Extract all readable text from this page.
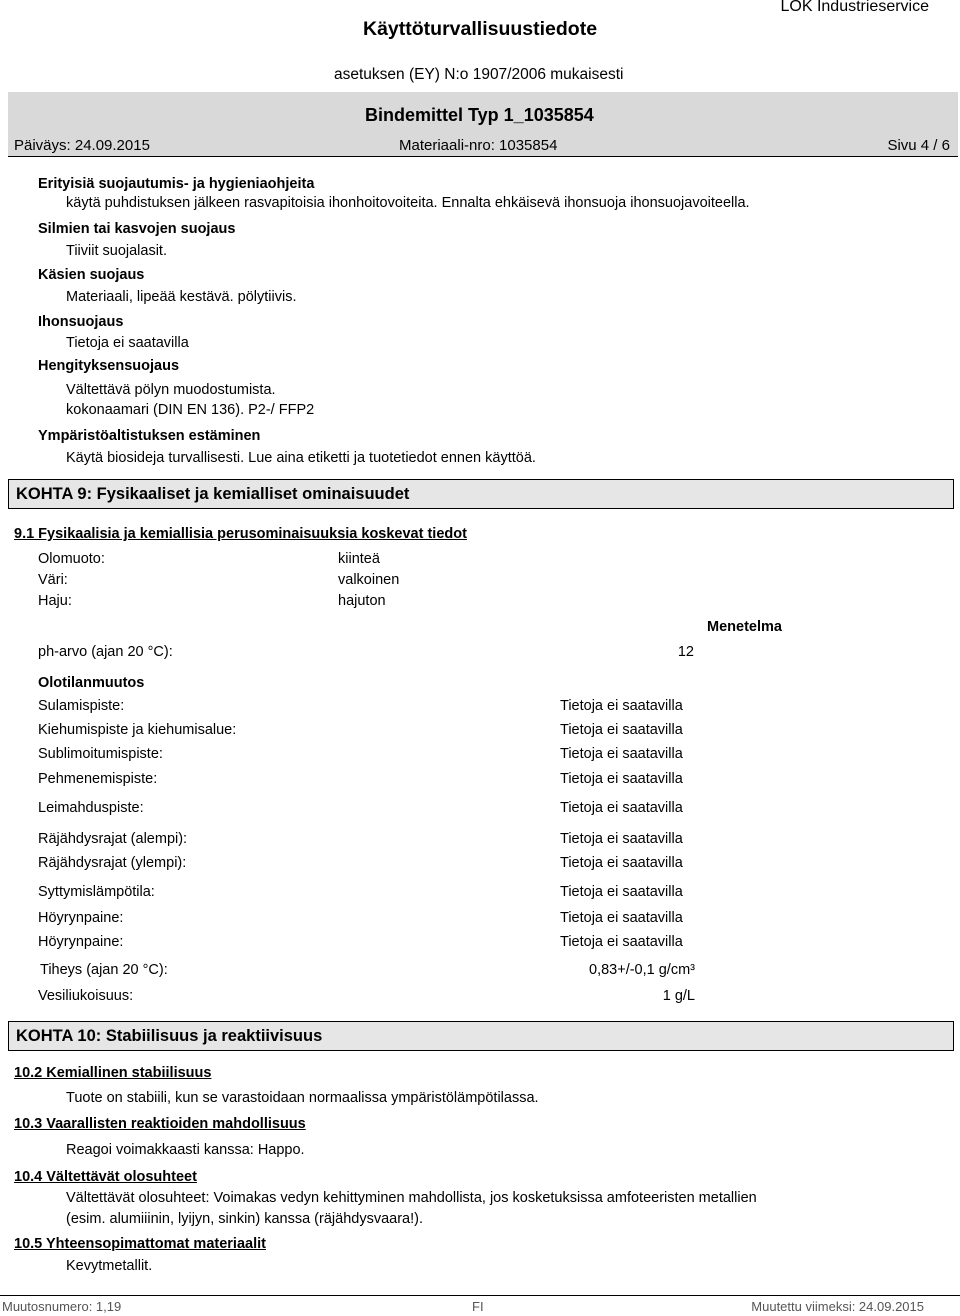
Käyttöturvallisuustiedote
LOK Industrieservice
asetuksen (EY) N:o 1907/2006 mukaisesti
Bindemittel Typ 1_1035854
Päiväys: 24.09.2015	Materiaali-nro: 1035854	Sivu 4 / 6
Erityisiä suojautumis- ja hygieniaohjeita
käytä puhdistuksen jälkeen rasvapitoisia ihonhoitovoiteita. Ennalta ehkäisevä ihonsuoja ihonsuojavoiteella.
Silmien tai kasvojen suojaus
Tiiviit suojalasit.
Käsien suojaus
Materiaali, lipeää kestävä. pölytiivis.
Ihonsuojaus
Tietoja ei saatavilla
Hengityksensuojaus
Vältettävä pölyn muodostumista.
kokonaamari (DIN EN 136). P2-/ FFP2
Ympäristöaltistuksen estäminen
Käytä biosideja turvallisesti. Lue aina etiketti ja tuotetiedot ennen käyttöä.
KOHTA 9: Fysikaaliset ja kemialliset ominaisuudet
9.1 Fysikaalisia ja kemiallisia perusominaisuuksia koskevat tiedot
Olomuoto:	kiinteä
Väri:	valkoinen
Haju:	hajuton
Menetelma
ph-arvo (ajan 20 °C):	12
Olotilanmuutos
Sulamispiste:	Tietoja ei saatavilla
Kiehumispiste ja kiehumisalue:	Tietoja ei saatavilla
Sublimoitumispiste:	Tietoja ei saatavilla
Pehmenemispiste:	Tietoja ei saatavilla
Leimahduspiste:	Tietoja ei saatavilla
Räjähdysrajat (alempi):	Tietoja ei saatavilla
Räjähdysrajat (ylempi):	Tietoja ei saatavilla
Syttymislämpötila:	Tietoja ei saatavilla
Höyrynpaine:	Tietoja ei saatavilla
Höyrynpaine:	Tietoja ei saatavilla
Tiheys (ajan 20 °C):	0,83+/-0,1 g/cm³
Vesiliukoisuus:	1 g/L
KOHTA 10: Stabiilisuus ja reaktiivisuus
10.2 Kemiallinen stabiilisuus
Tuote on stabiili, kun se varastoidaan normaalissa ympäristölämpötilassa.
10.3 Vaarallisten reaktioiden mahdollisuus
Reagoi voimakkaasti kanssa: Happo.
10.4 Vältettävät olosuhteet
Vältettävät olosuhteet: Voimakas vedyn kehittyminen mahdollista, jos kosketuksissa amfoteeristen metallien
(esim. alumiiinin, lyijyn, sinkin) kanssa (räjähdysvaara!).
10.5 Yhteensopimattomat materiaalit
Kevytmetallit.
Muutosnumero: 1,19	FI	Muutettu viimeksi: 24.09.2015
